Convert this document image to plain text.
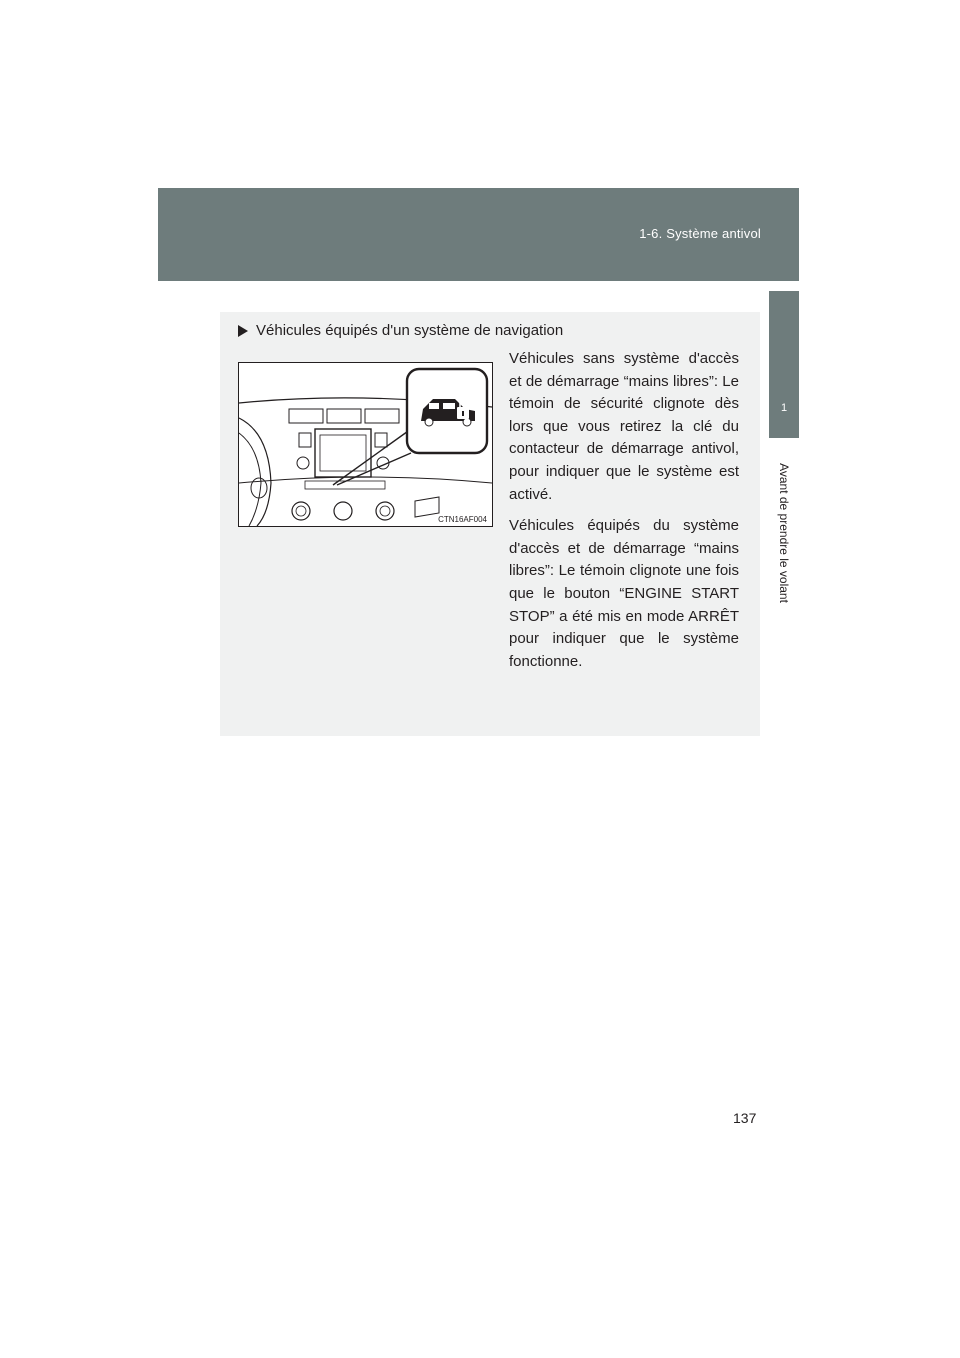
1-6. Système antivol
1
Avant de prendre le volant
Véhicules équipés d'un système de navigation
CTN16AF004

Véhicules sans système d'accès et de démarrage “mains libres”: Le témoin de sécurité clignote dès lors que vous retirez la clé du contacteur de démarrage antivol, pour indiquer que le système est activé.

Véhicules équipés du système d'accès et de démarrage “mains libres”: Le témoin clignote une fois que le bouton “ENGINE START STOP” a été mis en mode ARRÊT pour indiquer que le système fonctionne.

137
